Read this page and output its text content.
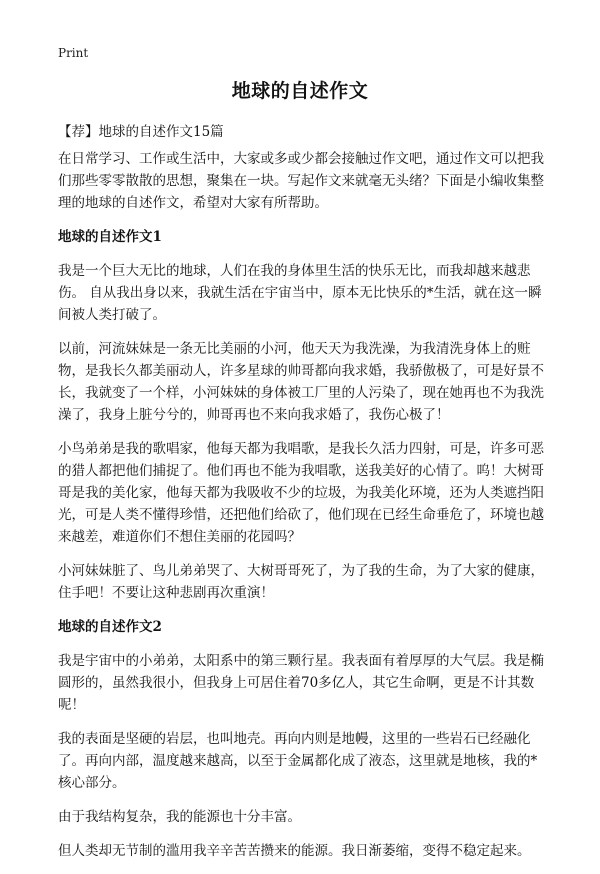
Print
地球的自述作文
【荐】地球的自述作文15篇

在日常学习、工作或生活中，大家或多或少都会接触过作文吧，通过作文可以把我们那些零零散散的思想，聚集在一块。写起作文来就毫无头绪？下面是小编收集整理的地球的自述作文，希望对大家有所帮助。

地球的自述作文1

我是一个巨大无比的地球，人们在我的身体里生活的快乐无比，而我却越来越悲伤。 自从我出身以来，我就生活在宇宙当中，原本无比快乐的*生活，就在这一瞬间被人类打破了。

以前，河流妹妹是一条无比美丽的小河，他天天为我洗澡，为我清洗身体上的赃物，是我长久都美丽动人，许多星球的帅哥都向我求婚，我骄傲极了，可是好景不长，我就变了一个样，小河妹妹的身体被工厂里的人污染了，现在她再也不为我洗澡了，我身上脏兮兮的，帅哥再也不来向我求婚了，我伤心极了！

小鸟弟弟是我的歌唱家，他每天都为我唱歌，是我长久活力四射，可是，许多可恶的猎人都把他们捕捉了。他们再也不能为我唱歌，送我美好的心情了。呜！大树哥哥是我的美化家，他每天都为我吸收不少的垃圾，为我美化环境，还为人类遮挡阳光，可是人类不懂得珍惜，还把他们给砍了，他们现在已经生命垂危了，环境也越来越差，难道你们不想住美丽的花园吗？

小河妹妹脏了、鸟儿弟弟哭了、大树哥哥死了，为了我的生命，为了大家的健康，住手吧！不要让这种悲剧再次重演！

地球的自述作文2

我是宇宙中的小弟弟，太阳系中的第三颗行星。我表面有着厚厚的大气层。我是椭圆形的，虽然我很小，但我身上可居住着70多亿人，其它生命啊，更是不计其数呢！

我的表面是坚硬的岩层，也叫地壳。再向内则是地幔，这里的一些岩石已经融化了。再向内部，温度越来越高，以至于金属都化成了液态，这里就是地核，我的*核心部分。

由于我结构复杂，我的能源也十分丰富。

但人类却无节制的滥用我辛辛苦苦攒来的能源。我日渐萎缩，变得不稳定起来。
